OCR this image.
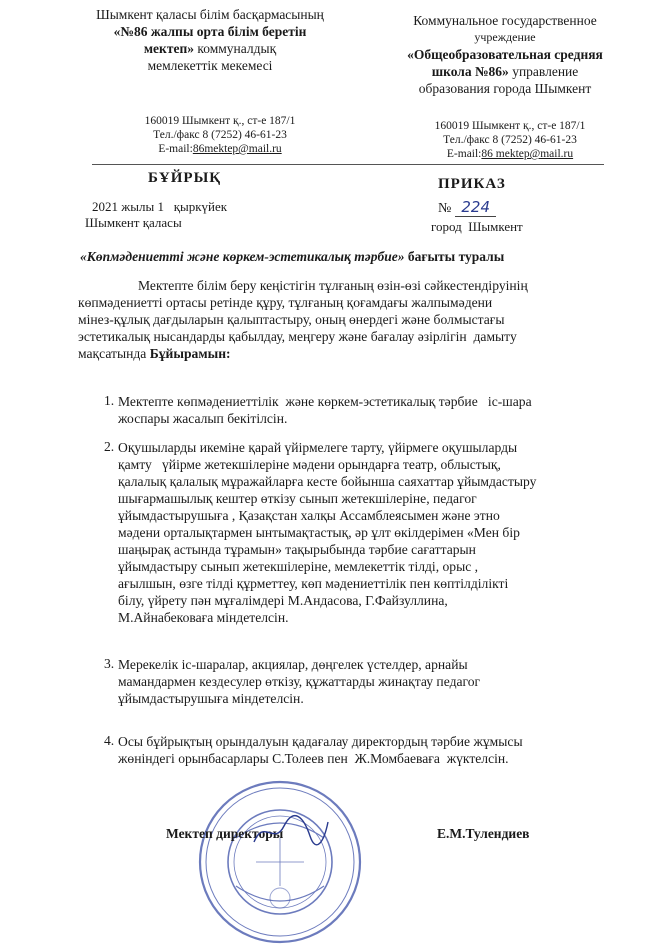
Шымкент қаласы білім басқармасының
«№86 жалпы орта білім беретін
мектеп» коммуналдық
мемлекеттік мекемесі
Коммунальное государственное
учреждение
«Общеобразовательная средняя
школа №86» управление
образования города Шымкент
160019 Шымкент қ., ст-е 187/1
Тел./факс 8 (7252) 46-61-23
E-mail:86mektep@mail.ru
160019 Шымкент қ., ст-е 187/1
Тел./факс 8 (7252) 46-61-23
E-mail:86 mektep@mail.ru
БҰЙРЫҚ	ПРИКАЗ
2021 жылы 1   қыркүйек
Шымкент қаласы
№ 224
город  Шымкент
«Көпмәдениетті және көркем-эстетикалық тәрбие» бағыты туралы
Мектепте білім беру кеңістігін тұлғаның өзін-өзі сәйкестендіруінің
көпмәдениетті ортасы ретінде құру, тұлғаның қоғамдағы жалпымәдени
мінез-құлық дағдыларын қалыптастыру, оның өнердегі және болмыстағы
эстетикалық нысандарды қабылдау, меңгеру және бағалау әзірлігін  дамыту
мақсатында Бұйырамын:
1. Мектепте көпмәдениеттілік  және көркем-эстетикалық тәрбие   іс-шара
жоспары жасалып бекітілсін.
2. Оқушыларды икеміне қарай үйірмелеге тарту, үйірмеге оқушыларды
қамту   үйірме жетекшілеріне мәдени орындарға театр, облыстық,
қалалық қалалық мұражайларға кесте бойынша саяхаттар ұйымдастыру
шығармашылық кештер өткізу сынып жетекшілеріне, педагог
ұйымдастырушыға , Қазақстан халқы Ассамблеясымен және этно
мәдени орталықтармен ынтымақтастық, әр ұлт өкілдерімен «Мен бір
шаңырақ астында тұрамын» тақырыбында тәрбие сағаттарын
ұйымдастыру сынып жетекшілеріне, мемлекеттік тілді, орыс ,
ағылшын, өзге тілді құрметтеу, көп мәдениеттілік пен көптілділікті
білу, үйрету пән мұғалімдері М.Андасова, Г.Файзуллина,
М.Айнабековаға міндетелсін.
3. Мерекелік іс-шаралар, акциялар, дөңгелек үстелдер, арнайы
мамандармен кездесулер өткізу, құжаттарды жинақтау педагог
ұйымдастырушыға міндетелсін.
4. Осы бұйрықтың орындалуын қадағалау директордың тәрбие жұмысы
жөніндегі орынбасарлары С.Толеев пен  Ж.Момбаеваға  жүктелсін.
Мектеп директоры	Е.М.Тулендиев
